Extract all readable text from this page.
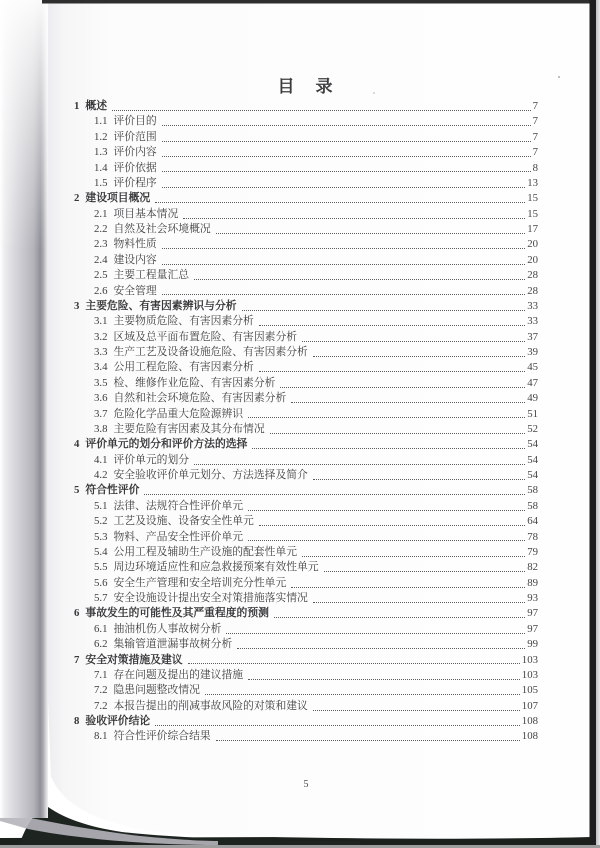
目　录
1 概述	7
1.1 评价目的	7
1.2 评价范围	7
1.3 评价内容	7
1.4 评价依据	8
1.5 评价程序	13
2 建设项目概况	15
2.1 项目基本情况	15
2.2 自然及社会环境概况	17
2.3 物料性质	20
2.4 建设内容	20
2.5 主要工程量汇总	28
2.6 安全管理	28
3 主要危险、有害因素辨识与分析	33
3.1 主要物质危险、有害因素分析	33
3.2 区域及总平面布置危险、有害因素分析	37
3.3 生产工艺及设备设施危险、有害因素分析	39
3.4 公用工程危险、有害因素分析	45
3.5 检、维修作业危险、有害因素分析	47
3.6 自然和社会环境危险、有害因素分析	49
3.7 危险化学品重大危险源辨识	51
3.8 主要危险有害因素及其分布情况	52
4 评价单元的划分和评价方法的选择	54
4.1 评价单元的划分	54
4.2 安全验收评价单元划分、方法选择及简介	54
5 符合性评价	58
5.1 法律、法规符合性评价单元	58
5.2 工艺及设施、设备安全性单元	64
5.3 物料、产品安全性评价单元	78
5.4 公用工程及辅助生产设施的配套性单元	79
5.5 周边环境适应性和应急救援预案有效性单元	82
5.6 安全生产管理和安全培训充分性单元	89
5.7 安全设施设计提出安全对策措施落实情况	93
6 事故发生的可能性及其严重程度的预测	97
6.1 抽油机伤人事故树分析	97
6.2 集输管道泄漏事故树分析	99
7 安全对策措施及建议	103
7.1 存在问题及提出的建议措施	103
7.2 隐患问题整改情况	105
7.2 本报告提出的削减事故风险的对策和建议	107
8 验收评价结论	108
8.1 符合性评价综合结果	108
5
